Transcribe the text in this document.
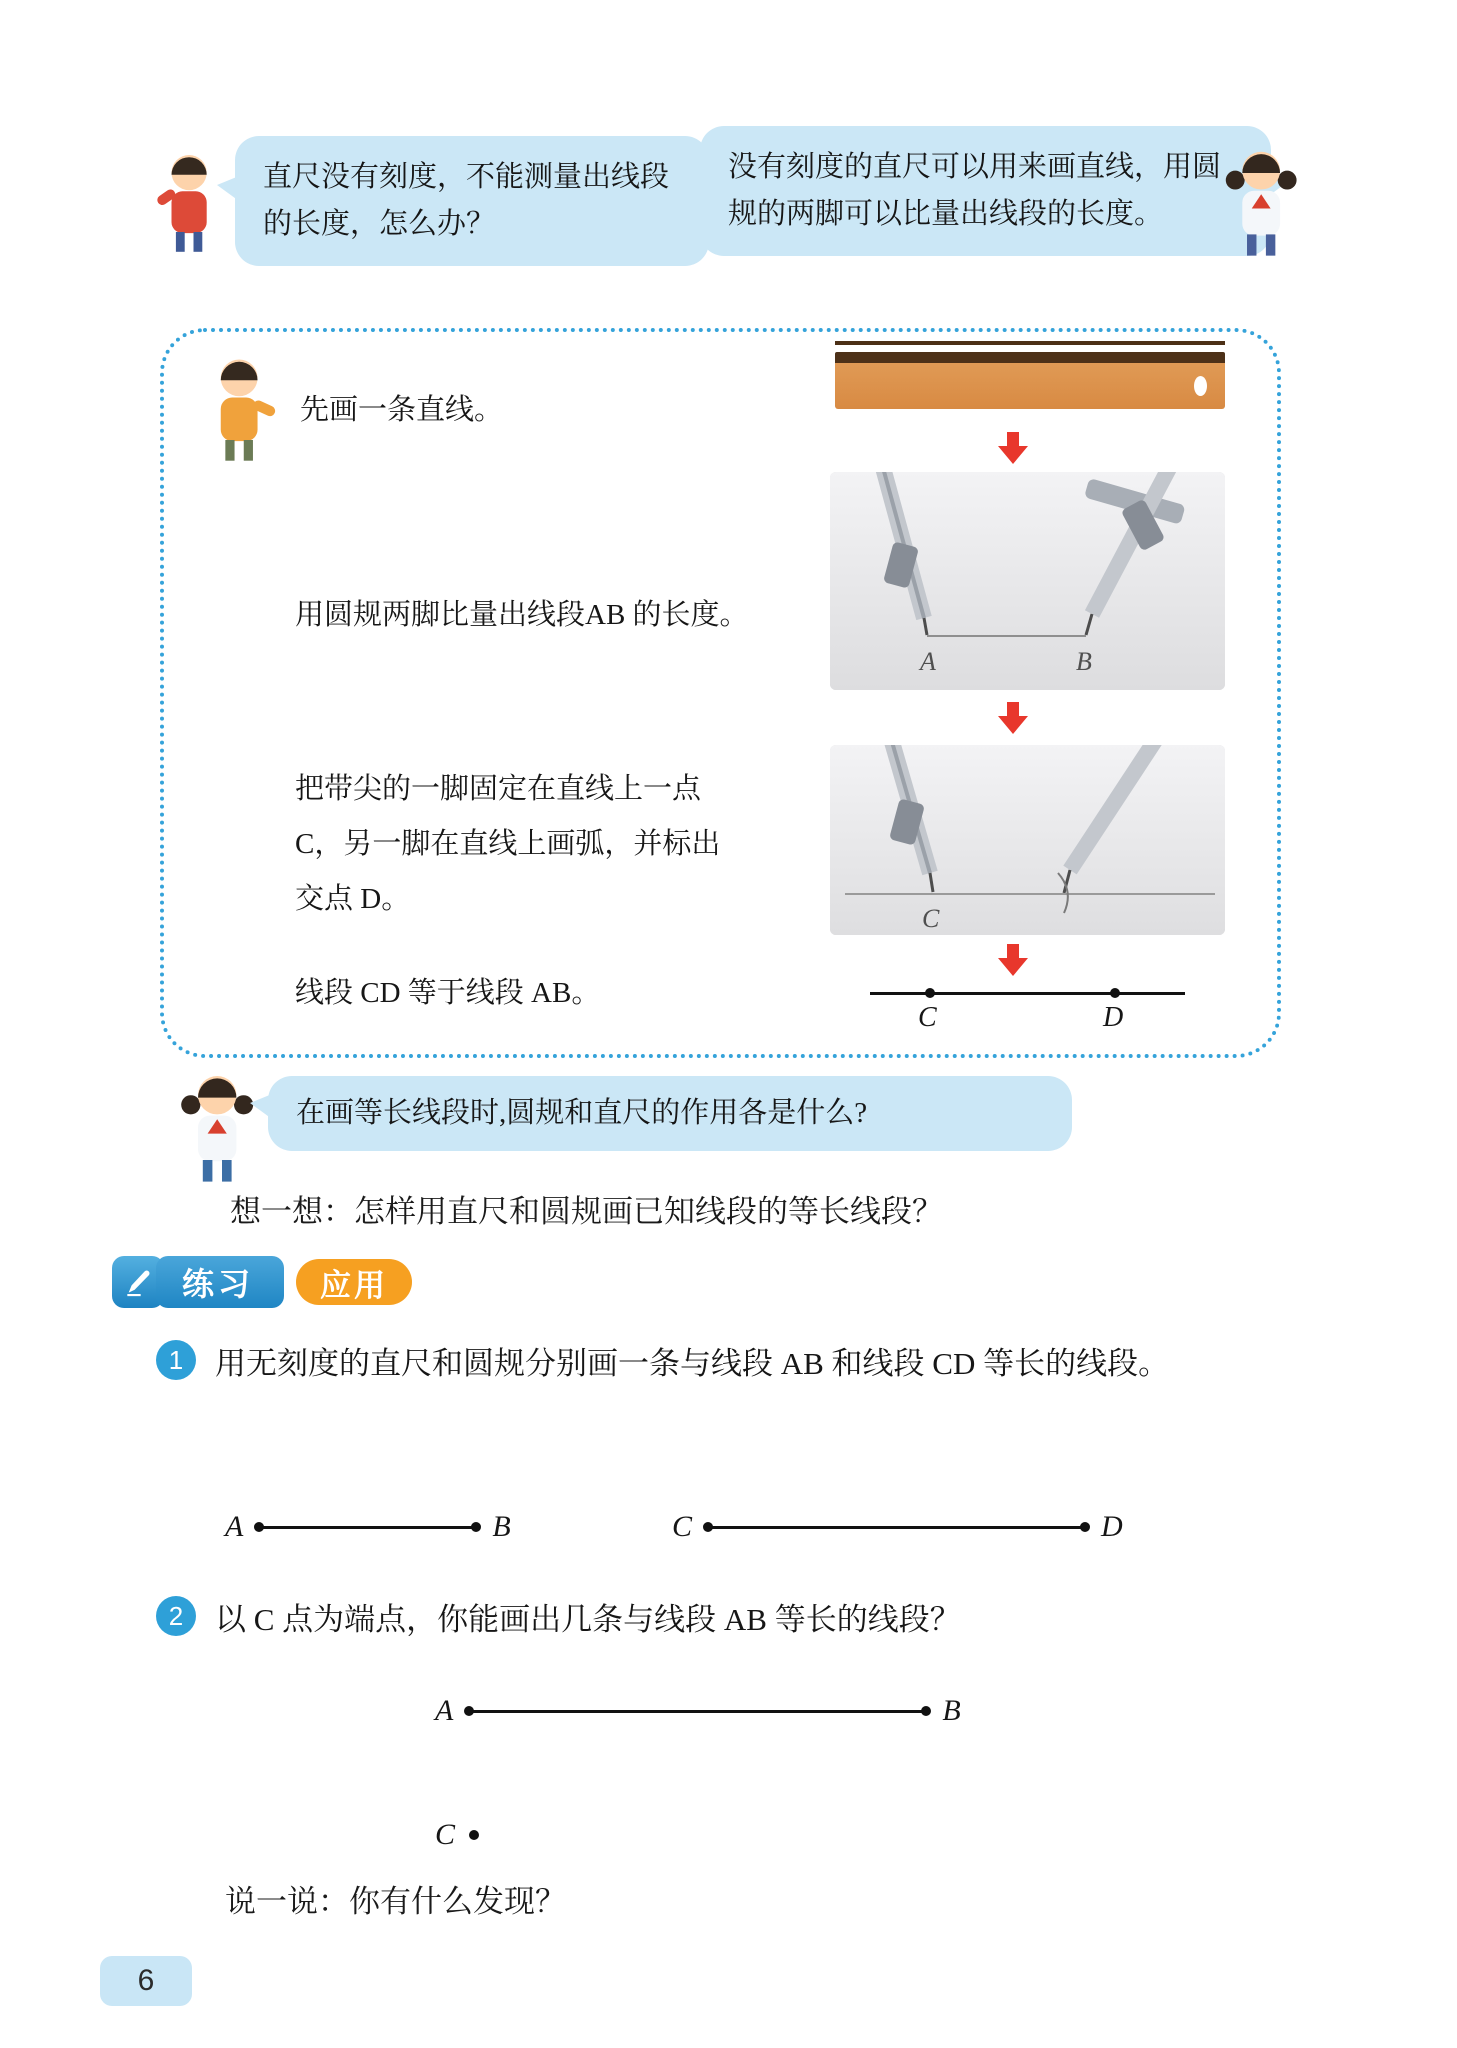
直尺没有刻度，不能测量出线段的长度，怎么办？
没有刻度的直尺可以用来画直线，用圆规的两脚可以比量出线段的长度。
先画一条直线。
A	B
用圆规两脚比量出线段AB 的长度。
C
把带尖的一脚固定在直线上一点 C，另一脚在直线上画弧，并标出交点 D。
C	D
线段 CD 等于线段 AB。
在画等长线段时,圆规和直尺的作用各是什么?
想一想：怎样用直尺和圆规画已知线段的等长线段？
练习	应用
1	用无刻度的直尺和圆规分别画一条与线段 AB 和线段 CD 等长的线段。
A	B	C	D
2	以 C 点为端点，你能画出几条与线段 AB 等长的线段？
A	B
C
说一说：你有什么发现？
6
